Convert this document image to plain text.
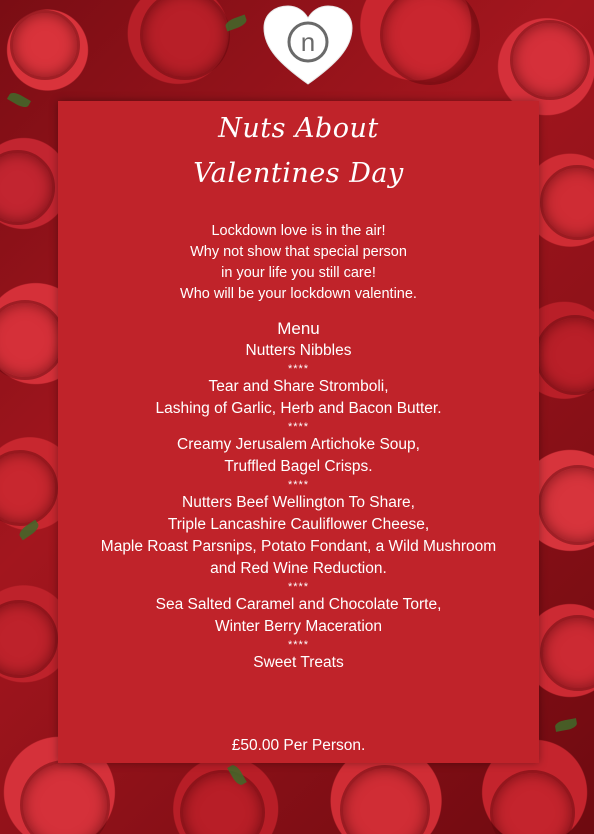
n
Nuts About
Valentines Day
Lockdown love is in the air!
Why not show that special person
in your life you still care!
Who will be your lockdown valentine.
Menu
Nutters Nibbles
****
Tear and Share Stromboli,
Lashing of Garlic, Herb and Bacon Butter.
****
Creamy Jerusalem Artichoke Soup,
Truffled Bagel Crisps.
****
Nutters Beef Wellington To Share,
Triple Lancashire Cauliflower Cheese,
Maple Roast Parsnips, Potato Fondant, a Wild Mushroom
and Red Wine Reduction.
****
Sea Salted Caramel and Chocolate Torte,
Winter Berry Maceration
****
Sweet Treats
£50.00 Per Person.
